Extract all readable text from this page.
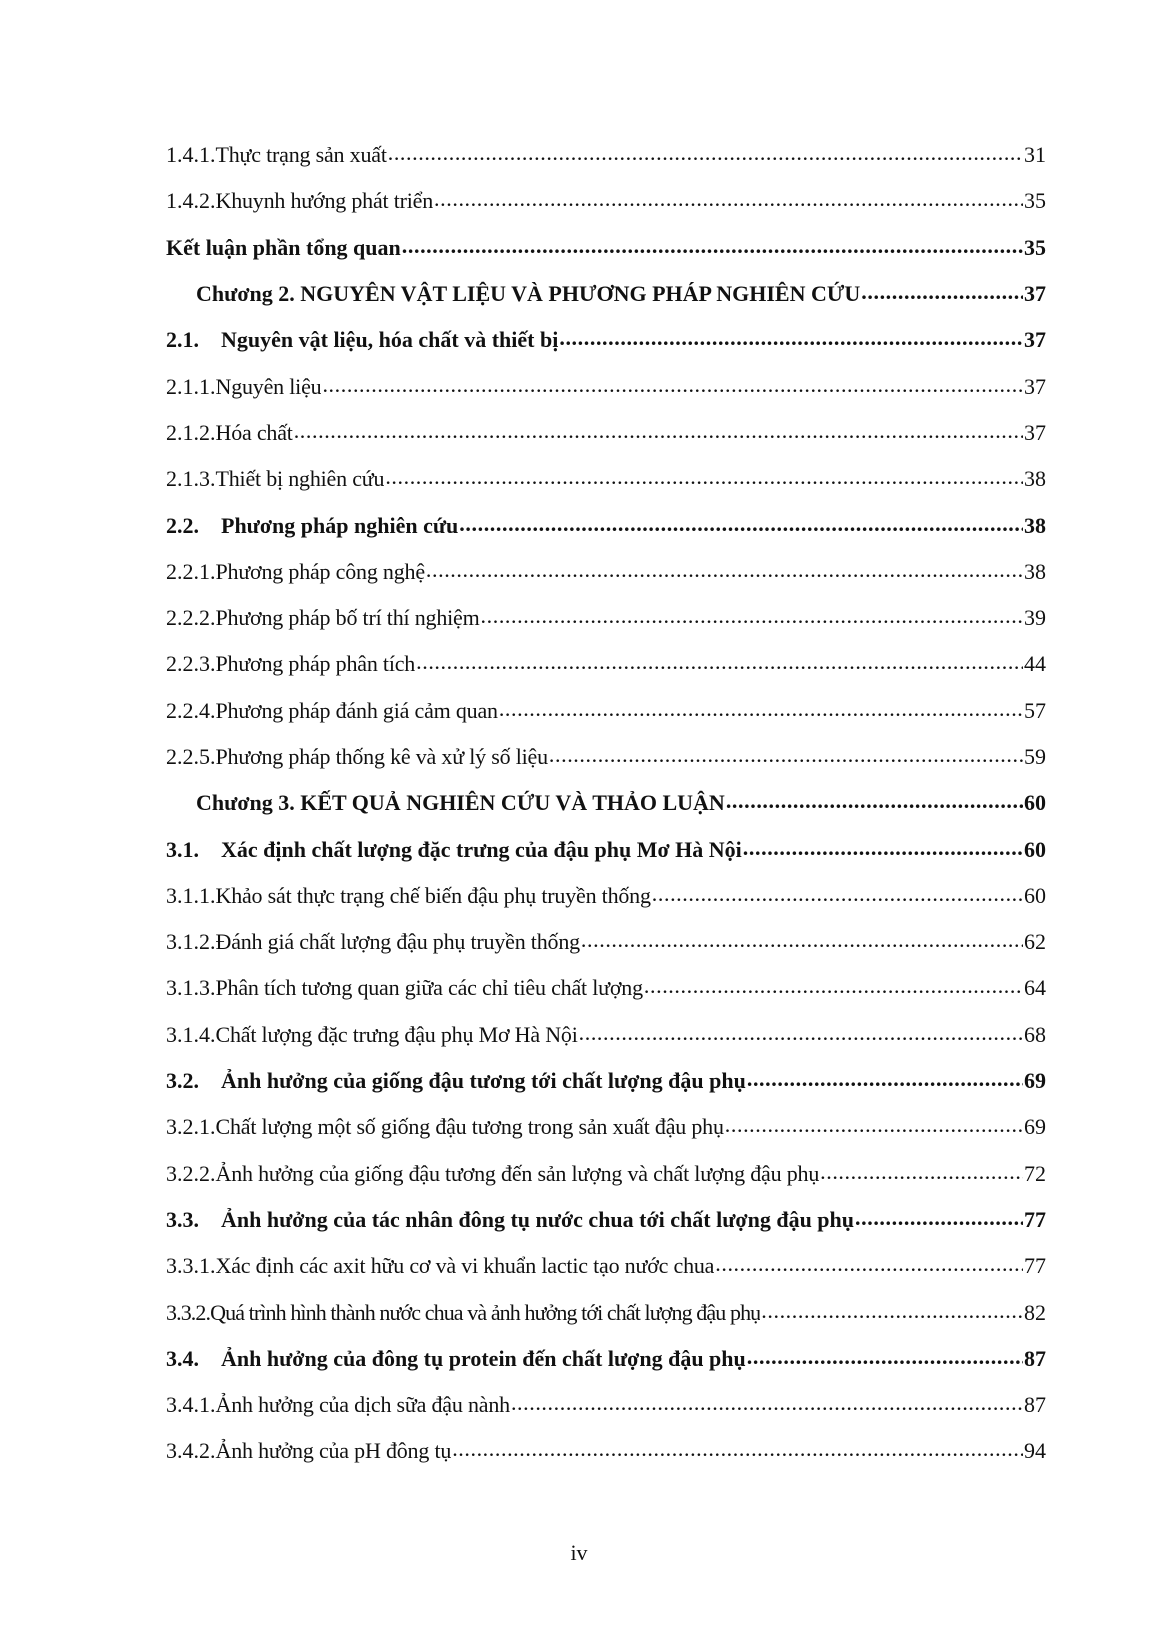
1.4.1. Thực trạng sản xuất .....	31
1.4.2. Khuynh hướng phát triển .....	35
Kết luận phần tổng quan .....	35
Chương 2. NGUYÊN VẬT LIỆU VÀ PHƯƠNG PHÁP NGHIÊN CỨU .....	37
2.1.	Nguyên vật liệu, hóa chất và thiết bị .....	37
2.1.1. Nguyên liệu .....	37
2.1.2. Hóa chất .....	37
2.1.3. Thiết bị nghiên cứu .....	38
2.2.	Phương pháp nghiên cứu .....	38
2.2.1. Phương pháp công nghệ .....	38
2.2.2. Phương pháp bố trí thí nghiệm .....	39
2.2.3. Phương pháp phân tích .....	44
2.2.4. Phương pháp đánh giá cảm quan .....	57
2.2.5. Phương pháp thống kê và xử lý số liệu .....	59
Chương 3. KẾT QUẢ NGHIÊN CỨU VÀ THẢO LUẬN .....	60
3.1.	Xác định chất lượng đặc trưng của đậu phụ Mơ Hà Nội .....	60
3.1.1. Khảo sát thực trạng chế biến đậu phụ truyền thống .....	60
3.1.2. Đánh giá chất lượng đậu phụ truyền thống .....	62
3.1.3. Phân tích tương quan giữa các chỉ tiêu chất lượng .....	64
3.1.4. Chất lượng đặc trưng đậu phụ Mơ Hà Nội .....	68
3.2.	Ảnh hưởng của giống đậu tương tới chất lượng đậu phụ .....	69
3.2.1. Chất lượng một số giống đậu tương trong sản xuất đậu phụ .....	69
3.2.2. Ảnh hưởng của giống đậu tương đến sản lượng và chất lượng đậu phụ .....	72
3.3.	Ảnh hưởng của tác nhân đông tụ nước chua tới chất lượng đậu phụ .....	77
3.3.1. Xác định các axit hữu cơ và vi khuẩn lactic tạo nước chua .....	77
3.3.2. Quá trình hình thành nước chua và ảnh hưởng tới chất lượng đậu phụ .....	82
3.4.	Ảnh hưởng của đông tụ protein đến chất lượng đậu phụ .....	87
3.4.1. Ảnh hưởng của dịch sữa đậu nành .....	87
3.4.2. Ảnh hưởng của pH đông tụ .....	94
iv
